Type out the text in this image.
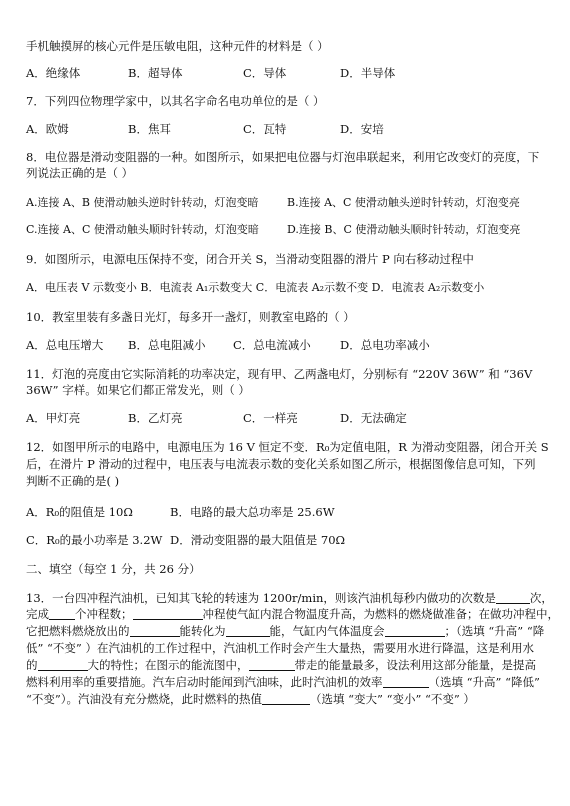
手机触摸屏的核心元件是压敏电阻，这种元件的材料是（ ）
A．绝缘体	B．超导体	C．导体	D．半导体
7．下列四位物理学家中，以其名字命名电功单位的是（ ）
A．欧姆	B．焦耳	C．瓦特	D．安培
8．电位器是滑动变阻器的一种。如图所示，如果把电位器与灯泡串联起来，利用它改变灯的亮度，下
列说法正确的是（ ）
A.连接 A、B 使滑动触头逆时针转动，灯泡变暗	B.连接 A、C 使滑动触头逆时针转动，灯泡变亮
C.连接 A、C 使滑动触头顺时针转动，灯泡变暗	D.连接 B、C 使滑动触头顺时针转动，灯泡变亮
9．如图所示，电源电压保持不变，闭合开关 S，当滑动变阻器的滑片 P 向右移动过程中
A．电压表 V 示数变小 B．电流表 A₁示数变大 C．电流表 A₂示数不变 D．电流表 A₂示数变小
10．教室里装有多盏日光灯，每多开一盏灯，则教室电路的（ ）
A．总电压增大 B．总电阻减小 C．总电流减小	D．总电功率减小
11．灯泡的亮度由它实际消耗的功率决定，现有甲、乙两盏电灯，分别标有 “220V 36W” 和 “36V
36W” 字样。如果它们都正常发光，则（ ）
A．甲灯亮	B．乙灯亮	C．一样亮	D．无法确定
12．如图甲所示的电路中，电源电压为 16 V 恒定不变．R₀为定值电阻，R 为滑动变阻器，闭合开关 S
后，在滑片 P 滑动的过程中，电压表与电流表示数的变化关系如图乙所示，根据图像信息可知，下列
判断不正确的是( )
A．R₀的阻值是 10Ω	B．电路的最大总功率是 25.6W
C．R₀的最小功率是 3.2W D．滑动变阻器的最大阻值是 70Ω
二、填空（每空 1 分，共 26 分）
13．一台四冲程汽油机，已知其飞轮的转速为 1200r/min，则该汽油机每秒内做功的次数是	次，
完成 个冲程数；	冲程使气缸内混合物温度升高，为燃料的燃烧做准备；在做功冲程中，
它把燃料燃烧放出的	能转化为	能，气缸内气体温度会	；（选填 “升高” “降
低” “不变” ）在汽油机的工作过程中，汽油机工作时会产生大量热，需要用水进行降温，这是利用水
的	大的特性；在图示的能流图中，	带走的能量最多，设法利用这部分能量，是提高
燃料利用率的重要措施。汽车启动时能闻到汽油味，此时汽油机的效率	（选填 “升高” “降低”
“不变”）。汽油没有充分燃烧，此时燃料的热值	（选填 “变大” “变小” “不变” ）
